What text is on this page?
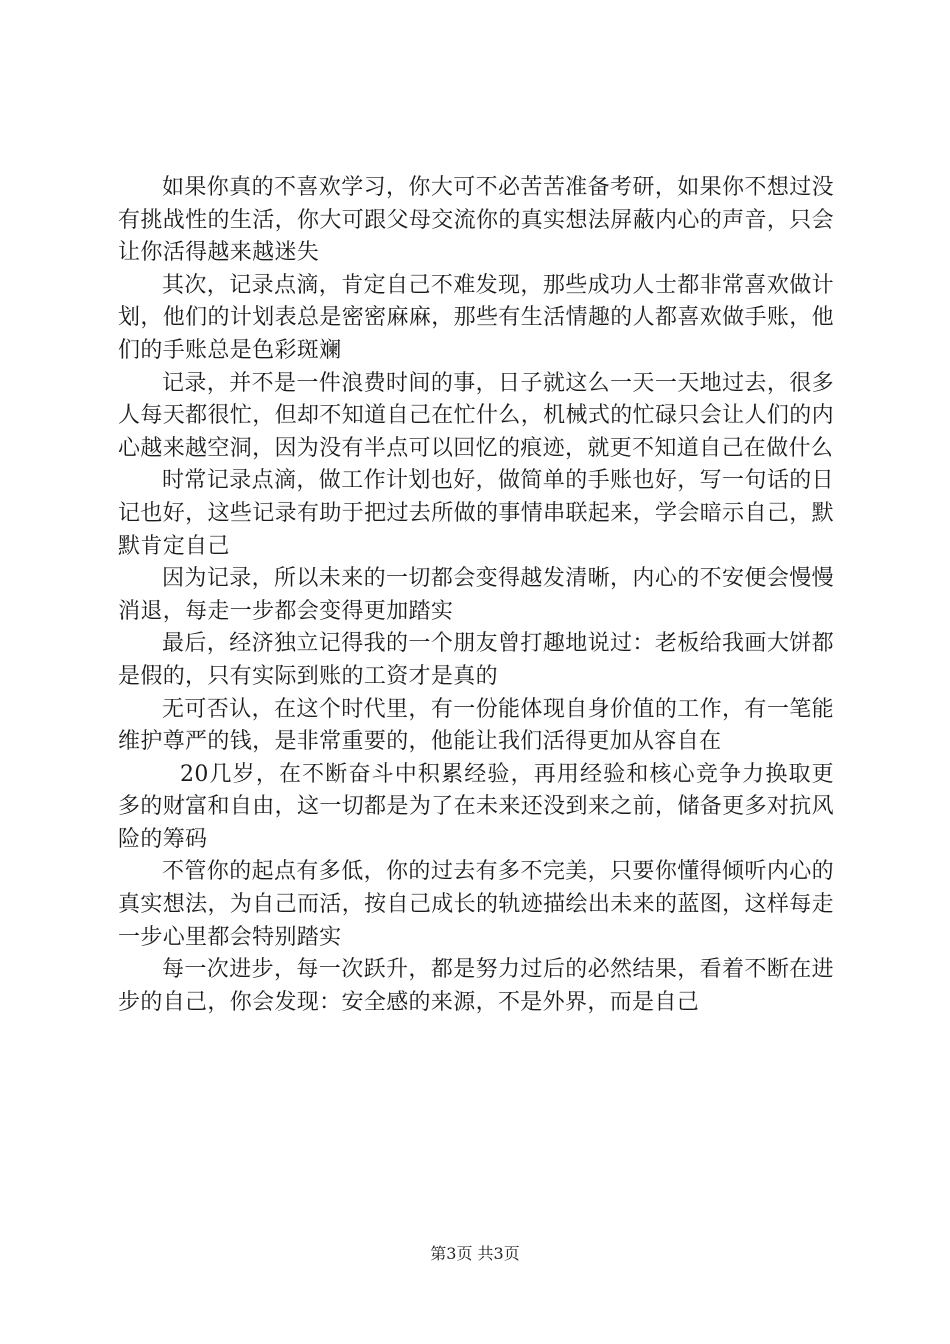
如果你真的不喜欢学习，你大可不必苦苦准备考研，如果你不想过没有挑战性的生活，你大可跟父母交流你的真实想法屏蔽内心的声音，只会让你活得越来越迷失

其次，记录点滴，肯定自己不难发现，那些成功人士都非常喜欢做计划，他们的计划表总是密密麻麻，那些有生活情趣的人都喜欢做手账，他们的手账总是色彩斑斓

记录，并不是一件浪费时间的事，日子就这么一天一天地过去，很多人每天都很忙，但却不知道自己在忙什么，机械式的忙碌只会让人们的内心越来越空洞，因为没有半点可以回忆的痕迹，就更不知道自己在做什么

时常记录点滴，做工作计划也好，做简单的手账也好，写一句话的日记也好，这些记录有助于把过去所做的事情串联起来，学会暗示自己，默默肯定自己

因为记录，所以未来的一切都会变得越发清晰，内心的不安便会慢慢消退，每走一步都会变得更加踏实

最后，经济独立记得我的一个朋友曾打趣地说过：老板给我画大饼都是假的，只有实际到账的工资才是真的

无可否认，在这个时代里，有一份能体现自身价值的工作，有一笔能维护尊严的钱，是非常重要的，他能让我们活得更加从容自在

20几岁，在不断奋斗中积累经验，再用经验和核心竞争力换取更多的财富和自由，这一切都是为了在未来还没到来之前，储备更多对抗风险的筹码

不管你的起点有多低，你的过去有多不完美，只要你懂得倾听内心的真实想法，为自己而活，按自己成长的轨迹描绘出未来的蓝图，这样每走一步心里都会特别踏实

每一次进步，每一次跃升，都是努力过后的必然结果，看着不断在进步的自己，你会发现：安全感的来源，不是外界，而是自己

第3页 共3页
